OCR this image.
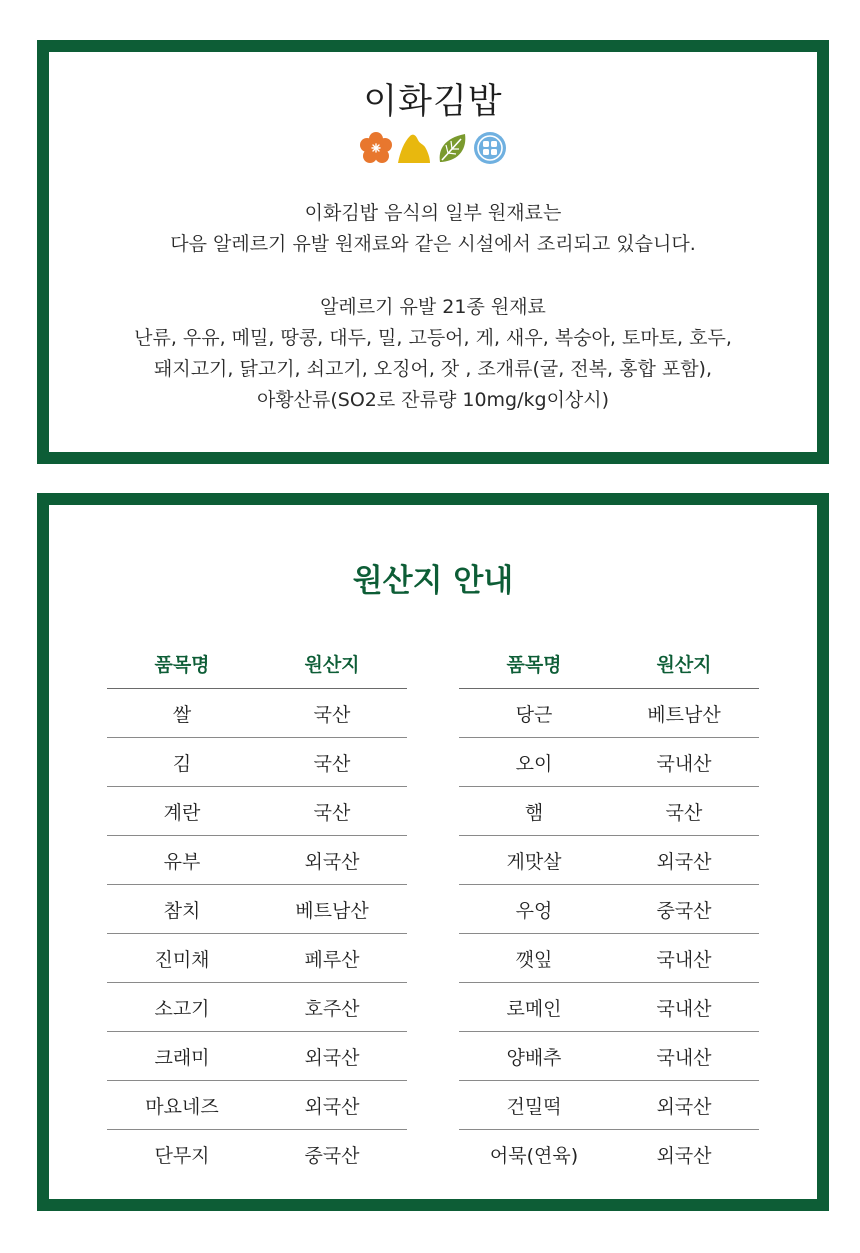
이화김밥
이화김밥 음식의 일부 원재료는
다음 알레르기 유발 원재료와 같은 시설에서 조리되고 있습니다.
알레르기 유발 21종 원재료
난류, 우유, 메밀, 땅콩, 대두, 밀, 고등어, 게, 새우, 복숭아, 토마토, 호두,
돼지고기, 닭고기, 쇠고기, 오징어, 잣 , 조개류(굴, 전복, 홍합 포함),
아황산류(SO2로 잔류량 10mg/kg이상시)
원산지 안내
품목명	원산지
쌀	국산
김	국산
계란	국산
유부	외국산
참치	베트남산
진미채	페루산
소고기	호주산
크래미	외국산
마요네즈	외국산
단무지	중국산
품목명	원산지
당근	베트남산
오이	국내산
햄	국산
게맛살	외국산
우엉	중국산
깻잎	국내산
로메인	국내산
양배추	국내산
건밀떡	외국산
어묵(연육)	외국산
